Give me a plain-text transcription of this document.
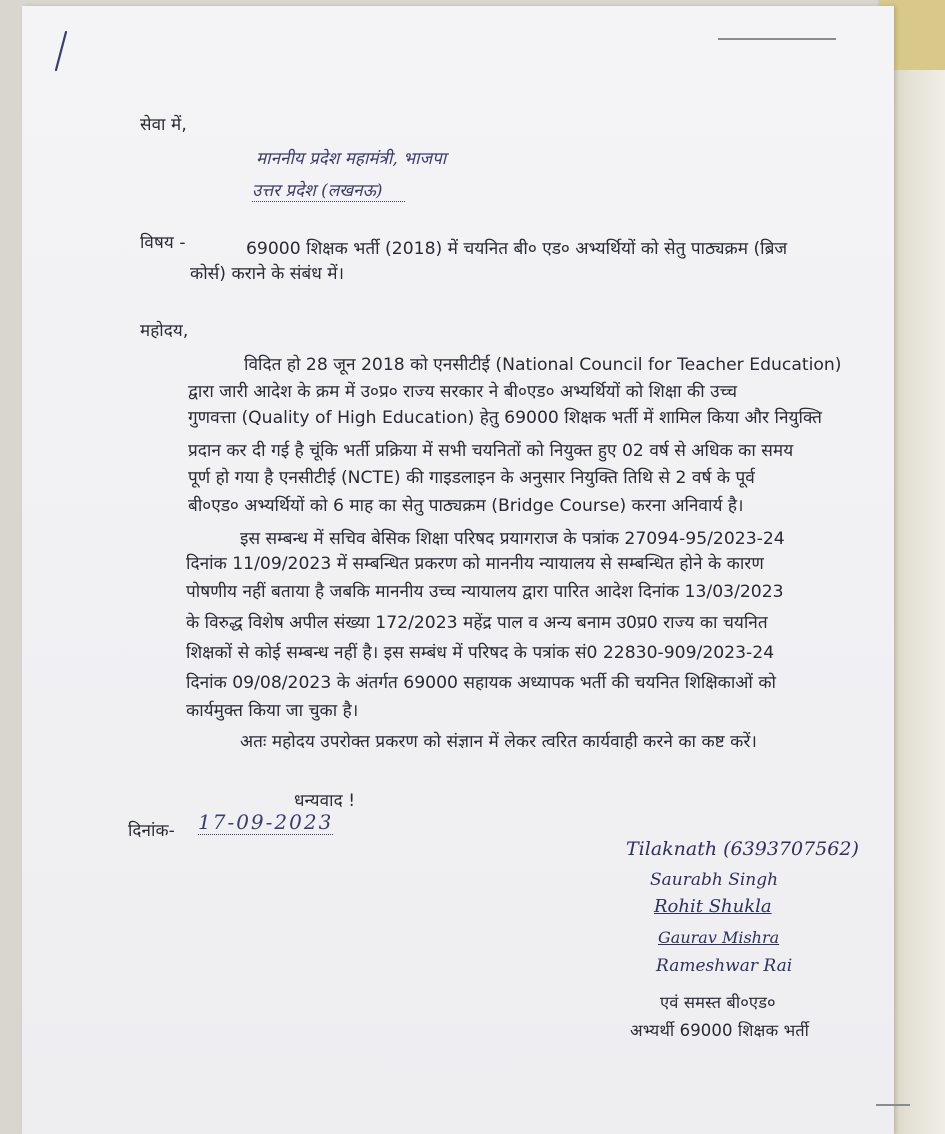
सेवा में,
माननीय प्रदेश महामंत्री, भाजपा
उत्तर प्रदेश (लखनऊ)
विषय -	69000 शिक्षक भर्ती (2018) में चयनित बी० एड० अभ्यर्थियों को सेतु पाठ्यक्रम (ब्रिज
कोर्स) कराने के संबंध में।
महोदय,
विदित हो 28 जून 2018 को एनसीटीई (National Council for Teacher Education)
द्वारा जारी आदेश के क्रम में उ०प्र० राज्य सरकार ने बी०एड० अभ्यर्थियों को शिक्षा की उच्च
गुणवत्ता (Quality of High Education) हेतु 69000 शिक्षक भर्ती में शामिल किया और नियुक्ति
प्रदान कर दी गई है चूंकि भर्ती प्रक्रिया में सभी चयनितों को नियुक्त हुए 02 वर्ष से अधिक का समय
पूर्ण हो गया है एनसीटीई (NCTE) की गाइडलाइन के अनुसार नियुक्ति तिथि से 2 वर्ष के पूर्व
बी०एड० अभ्यर्थियों को 6 माह का सेतु पाठ्यक्रम (Bridge Course) करना अनिवार्य है।
इस सम्बन्ध में सचिव बेसिक शिक्षा परिषद प्रयागराज के पत्रांक 27094-95/2023-24
दिनांक 11/09/2023 में सम्बन्धित प्रकरण को माननीय न्यायालय से सम्बन्धित होने के कारण
पोषणीय नहीं बताया है जबकि माननीय उच्च न्यायालय द्वारा पारित आदेश दिनांक 13/03/2023
के विरुद्ध विशेष अपील संख्या 172/2023 महेंद्र पाल व अन्य बनाम उ0प्र0 राज्य का चयनित
शिक्षकों से कोई सम्बन्ध नहीं है। इस सम्बंध में परिषद के पत्रांक सं0 22830-909/2023-24
दिनांक 09/08/2023 के अंतर्गत 69000 सहायक अध्यापक भर्ती की चयनित शिक्षिकाओं को
कार्यमुक्त किया जा चुका है।
अतः महोदय उपरोक्त प्रकरण को संज्ञान में लेकर त्वरित कार्यवाही करने का कष्ट करें।
धन्यवाद !
दिनांक- 17-09-2023
Tilaknath (6393707562)
Saurabh Singh
Rohit Shukla
Gaurav Mishra
Rameshwar Rai
एवं समस्त बी०एड०
अभ्यर्थी 69000 शिक्षक भर्ती
